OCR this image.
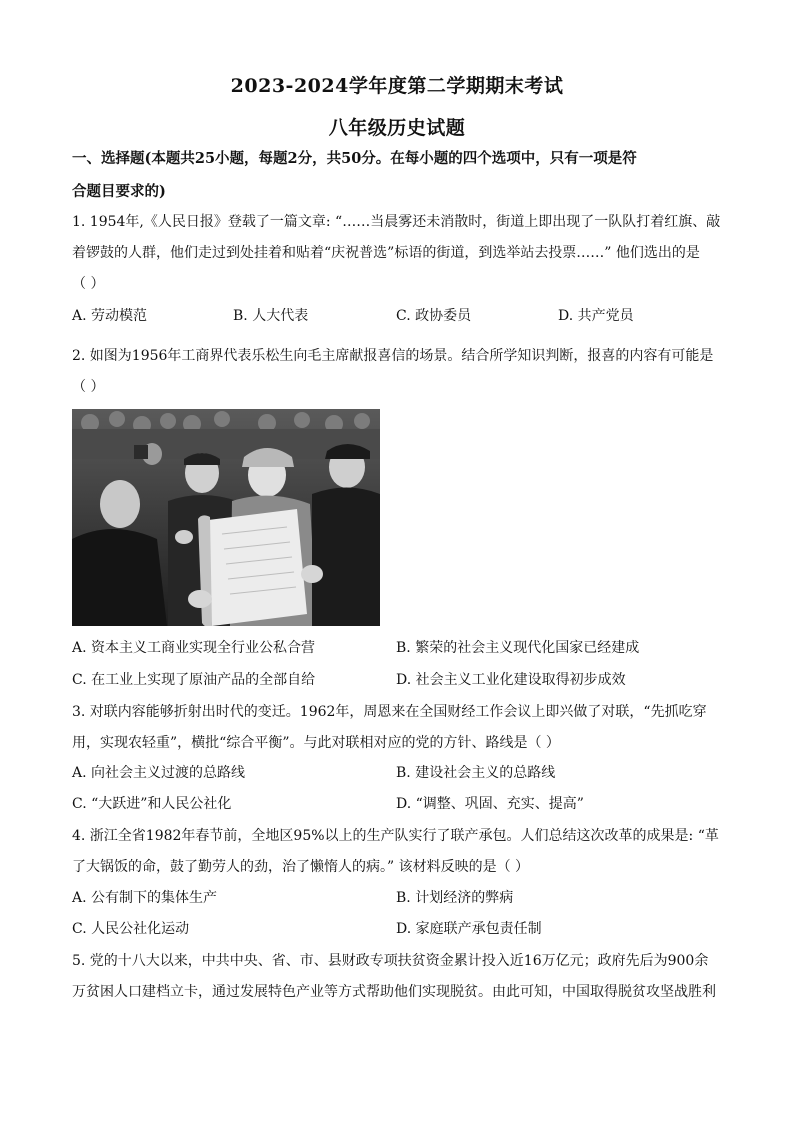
2023-2024学年度第二学期期末考试
八年级历史试题
一、选择题(本题共25小题，每题2分，共50分。在每小题的四个选项中，只有一项是符
合题目要求的)
1. 1954年,《人民日报》登载了一篇文章: “……当晨雾还未消散时，街道上即出现了一队队打着红旗、敲
着锣鼓的人群，他们走过到处挂着和贴着“庆祝普选”标语的街道，到选举站去投票……” 他们选出的是
（ ）
A. 劳动模范	B. 人大代表	C. 政协委员	D. 共产党员
2. 如图为1956年工商界代表乐松生向毛主席献报喜信的场景。结合所学知识判断，报喜的内容有可能是
（ ）
A. 资本主义工商业实现全行业公私合营	B. 繁荣的社会主义现代化国家已经建成
C. 在工业上实现了原油产品的全部自给	D. 社会主义工业化建设取得初步成效
3. 对联内容能够折射出时代的变迁。1962年，周恩来在全国财经工作会议上即兴做了对联，“先抓吃穿
用，实现农轻重”，横批“综合平衡”。与此对联相对应的党的方针、路线是（ ）
A. 向社会主义过渡的总路线	B. 建设社会主义的总路线
C. “大跃进”和人民公社化	D. “调整、巩固、充实、提高”
4. 浙江全省1982年春节前，全地区95%以上的生产队实行了联产承包。人们总结这次改革的成果是: “革
了大锅饭的命，鼓了勤劳人的劲，治了懒惰人的病。” 该材料反映的是（ ）
A. 公有制下的集体生产	B. 计划经济的弊病
C. 人民公社化运动	D. 家庭联产承包责任制
5. 党的十八大以来，中共中央、省、市、县财政专项扶贫资金累计投入近16万亿元；政府先后为900余
万贫困人口建档立卡，通过发展特色产业等方式帮助他们实现脱贫。由此可知，中国取得脱贫攻坚战胜利
